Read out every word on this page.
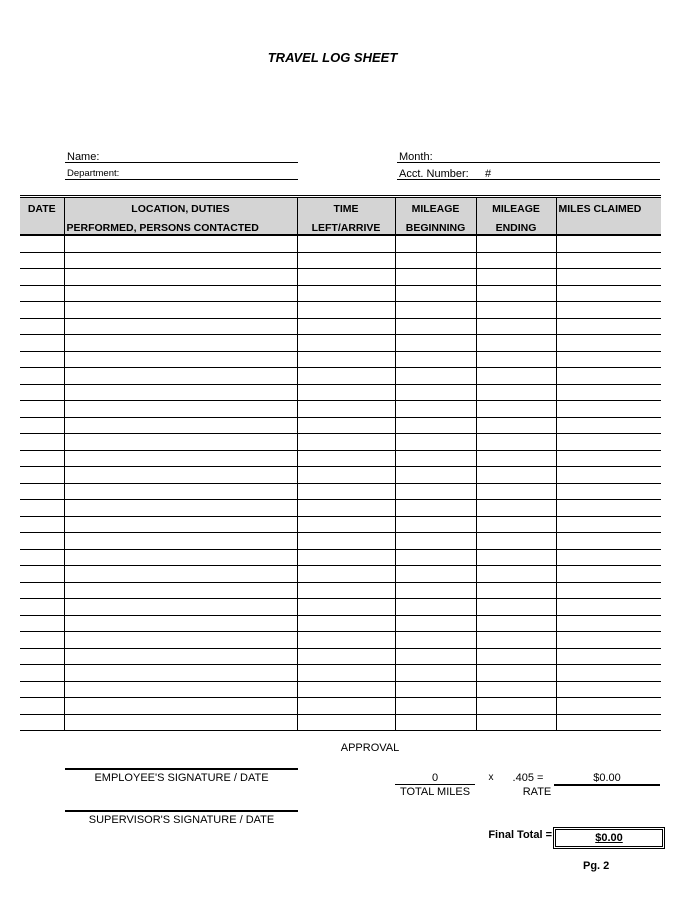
TRAVEL LOG SHEET
Name:
Department:
Month:
Acct. Number: #
DATE	LOCATION, DUTIES	TIME	MILEAGE	MILEAGE	MILES CLAIMED
	PERFORMED, PERSONS CONTACTED	LEFT/ARRIVE	BEGINNING	ENDING	

APPROVAL
EMPLOYEE'S SIGNATURE / DATE
SUPERVISOR'S SIGNATURE / DATE
0	x	.405 =	$0.00
TOTAL MILES	RATE
Final Total =	$0.00
Pg. 2
